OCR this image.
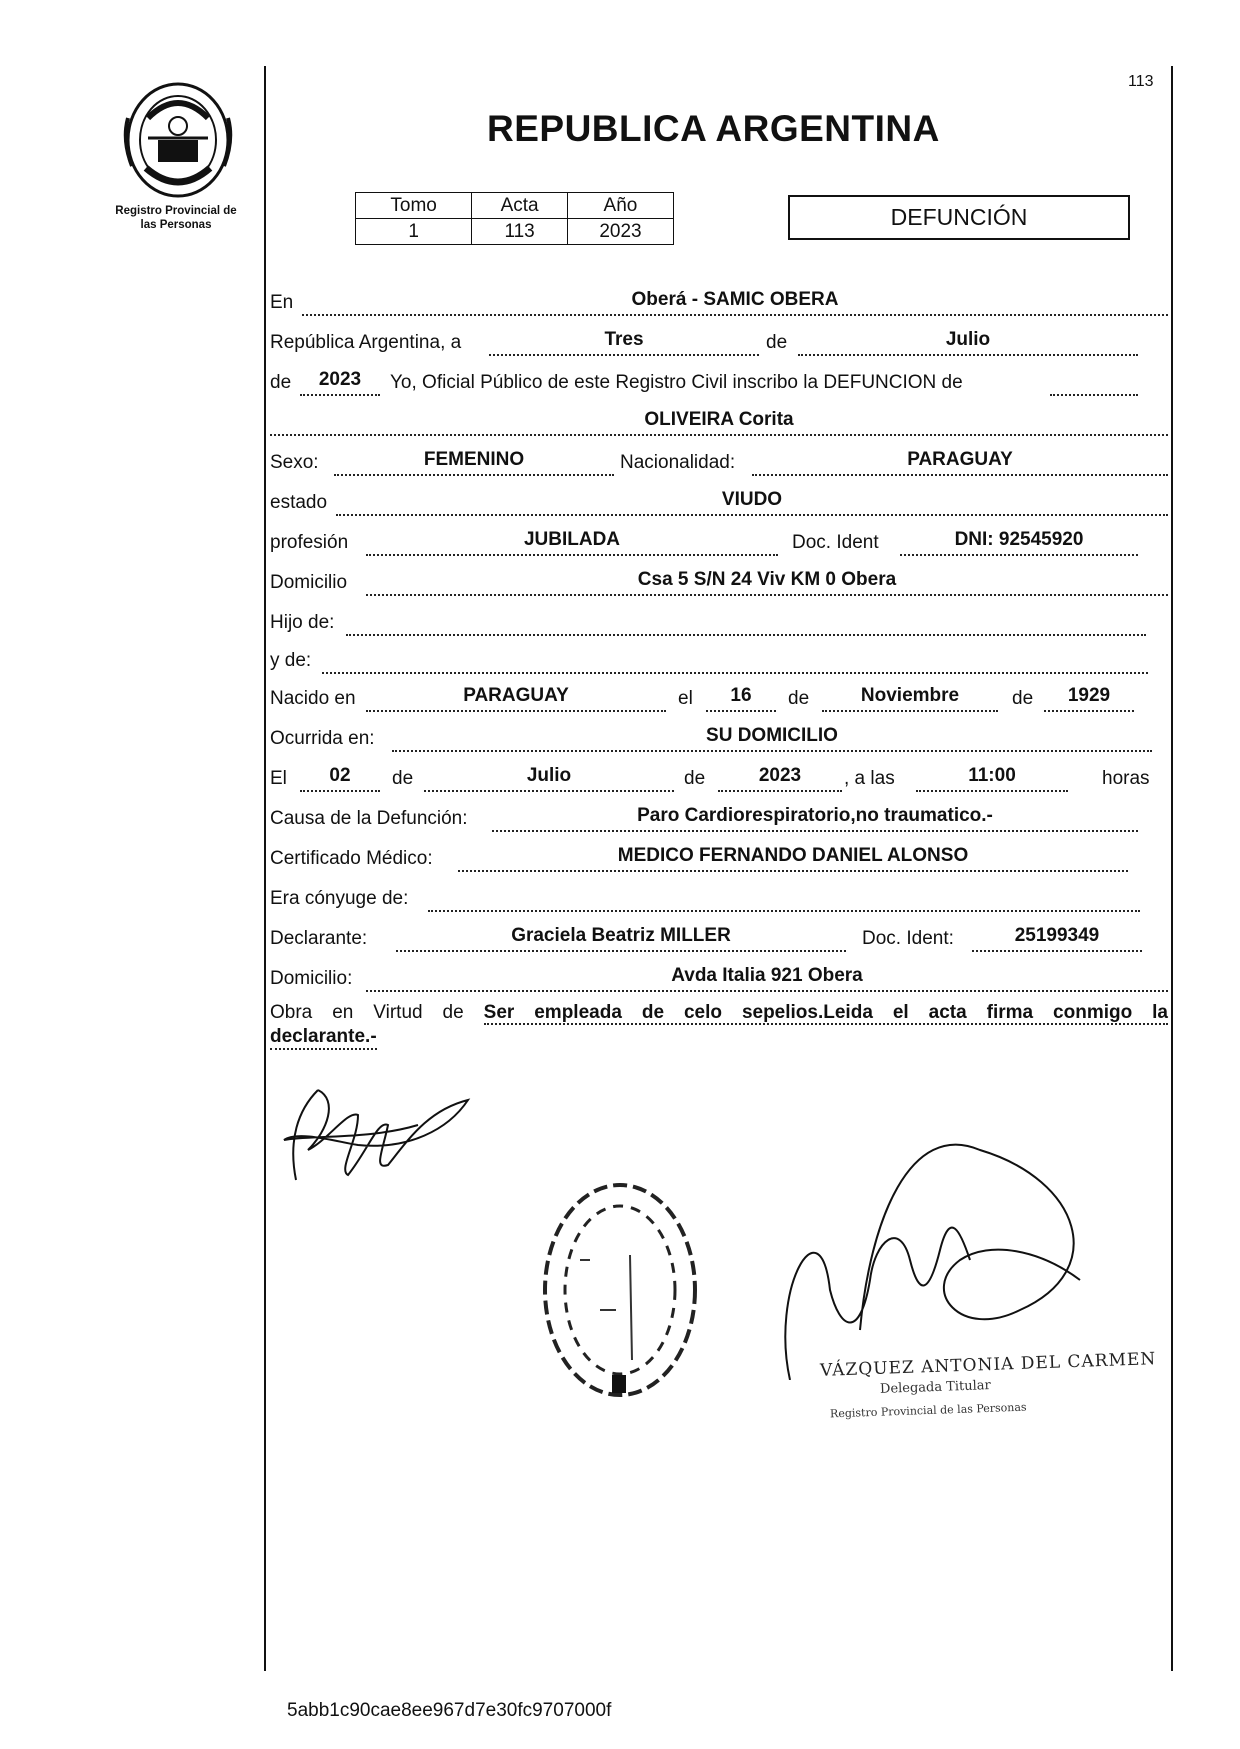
Registro Provincial de
las Personas
113
REPUBLICA ARGENTINA
Tomo	Acta	Año
1	113	2023
DEFUNCIÓN
En	Oberá - SAMIC OBERA
República Argentina, a	Tres	de	Julio
de	2023	Yo, Oficial Público de este Registro Civil inscribo la DEFUNCION de
OLIVEIRA Corita
Sexo:	FEMENINO	Nacionalidad:	PARAGUAY
estado	VIUDO
profesión	JUBILADA	Doc. Ident	DNI: 92545920
Domicilio	Csa 5 S/N 24 Viv KM 0 Obera
Hijo de:
y de:
Nacido en	PARAGUAY	el	16	de	Noviembre	de	1929
Ocurrida en:	SU DOMICILIO
El	02	de	Julio	de	2023	, a las	11:00	horas
Causa de la Defunción:	Paro Cardiorespiratorio,no traumatico.-
Certificado Médico:	MEDICO FERNANDO DANIEL ALONSO
Era cónyuge de:
Declarante:	Graciela Beatriz MILLER	Doc. Ident:	25199349
Domicilio:	Avda Italia 921 Obera
Obra en Virtud de Ser empleada de celo sepelios.Leida el acta firma conmigo la
declarante.-
VÁZQUEZ ANTONIA DEL CARMEN
Delegada Titular
Registro Provincial de las Personas
5abb1c90cae8ee967d7e30fc9707000f
